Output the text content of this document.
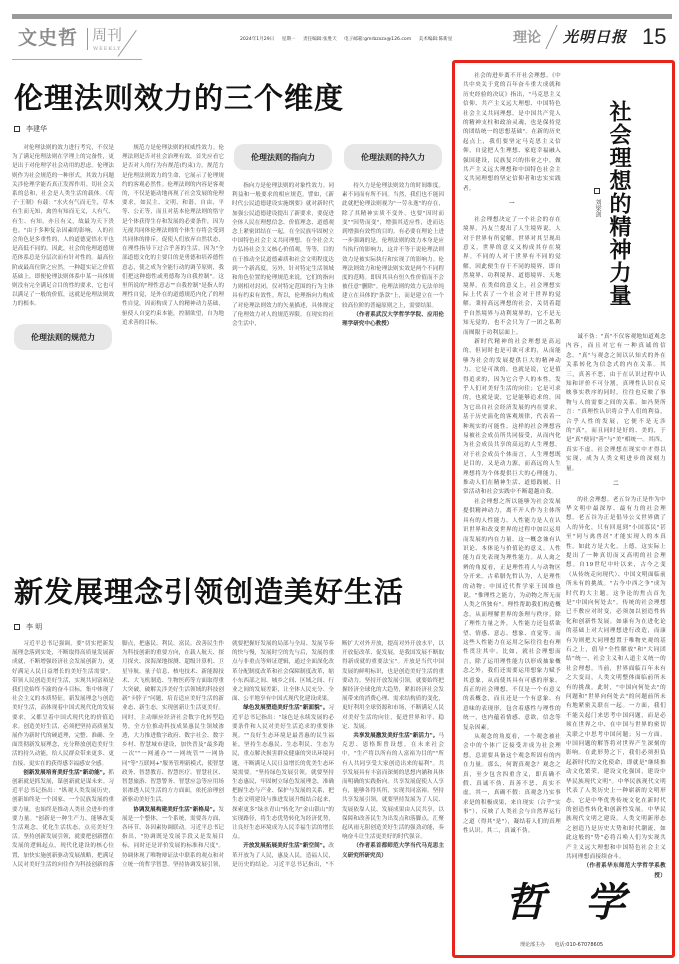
文史哲 周刊
WEEKLY
2024年1月29日 星期一 责任编辑:张胜天 电子邮箱:gmrbzxzx@126.com 美术编辑:陈新星	理论 光明日报 15
伦理法则效力的三个维度
李建华

对伦理法则的效力进行考究，不仅是为了满足伦理法则在学理上的完备性，更是出于对伦理学社会功用的思虑。伦理法则作为社会规范的一种形式，其效力问题关涉伦理学能否真正发挥作用。切社会关系的总和，社会是人类生活的载体。《荀子·王制》有载："水火有气而无生，草木有生而无知，禽兽有知而无义，人有气、有生、有知，亦且有义，故最为天下贵也。"由于多种复杂因素的影响，人的社会角色是多重性的，人的道德觉悟水平也是高低不同的。因此，社会的伦理道德规范体系总是分层次而有针对性的。最高位阶或最高位阶之应然，一种超实证之价值基础上。即便伦理法则体系中某一具体规则没有完全满足合目的性的要求，它也可以满足了一般的价值，这就是伦理法则效力的根本。

伦理法则的规范力

规范力是伦理法则的权威性效力。伦理法则是否对社会治理有效，首先应看它是否对人的行为有规范(约束)力。规范力是伦理法则效力的生命，它展示了伦理规约的客观必然性。伦理法则的内容是客观的，不仅是能动地再现了社会发展的伦理要求，如民主、文明、和谐、自由、平等、公正等，而且对基本伦理法则的恪守是个体获得生存和发展的必要条件，因为无视共同体伦理法则的个体生存将会受到共同体的排斥。促使人们放弃自然状态，在理性指导下过合乎善的生活。因为"全部道德文化的主要目的是勇德和培养德性意志，使之成为全能行动的调节原则，我们把这种德性或勇德称为自我控制"。这里所说的"理性意志""自我控制"是指人的理性自觉，是外在的道德规范内化了的理性自觉，因而构成了人的精神动力基础，驱使人自觉约束本能，控制欲望，自为地追求善的目标。

伦理法则的指向力

指向力是伦理法则的对象性效力。同利益和一般要求的相应规范。譬如，《新时代公民道德建设实施纲要》就对新时代加强公民道德建设提出了新要求，要促进全体人民在理想信念、价值理念、道德观念上紧密团结在一起，在全民族牢固树立中国特色社会主义共同理想。在全社会大力弘扬社会主义核心价值观，等等，目的在于推动全民道德素质和社会文明程度达到一个新高度。另外，针对特定生活领域和角色位置的伦理规范来说，它们的指向力则相对封闭，仅对特定范围的行为主体具有约束有效性。所以，伦理指向力构成了对伦理法则效力的矢量描述，具体规定了伦理效力对人的规范界限。在现实的社会生活中，

伦理法则的持久力

持久力是伦理法则效力的时间维度。素不同而有所不同。当然，我们也不能因此就把伦理法则视为"一劳永逸"的存在，除了其精神实质不变外，也要"因时而变""因势而变"，增强其适应性，进而达到增强有效性的目的。有必要在理论上进一步强调的是，伦理法则的效力本身是应当执行的影响力，这并不等于说伦理法则效力是被实际执行和实现了的影响力。伦理法则效力和伦理法则实效是两个不同程度的范畴。即因其具有恒久性价值而不会被任意"删除"。伦理法则的效力无法单纯建立在具体的"条款"上，而是建立在一个较高位阶的普遍原则之上，需要结果。

（作者系武汉大学哲学学院、应用伦理学研究中心教授）

新发展理念引领创造美好生活
李 明

习近平总书记强调，要"切实把新发展理念落到实处，不断取得高质量发展新成就，不断增强经济社会发展创新力，更好满足人民日益增长的美好生活需要"。带领人民创造美好生活，实现共同富裕是我们党始终不渝的奋斗目标，集中体现了社会主义的本质特征。新发展理念与创造美好生活，高体现着中国式现代化的发展要求，又都呈着中国式现代化的价值追求。创造美好生活，必须把坚持高质量发展作为新时代的硬道理，完整、准确、全面贯彻新发展理念，充分释放创造美好生活的持久动能，给人民群众带来更多、更直接、更实在的获得感幸福感安全感。

创新发展培育美好生活"新动能"。抓创新就是抓发展，谋创新就是谋未来。习近平总书记指出："纵观人类发展历史，创新始终是一个国家、一个民族发展的重要力量，也始终是推动人类社会进步的重要力量。"创新是一种生产力，能够改变生活观念，优化生活状态，点亮美好生活。坚持创新发展引领，就要把创新摆在发展的逻辑起点，现代化建设的核心位置，加快实施创新驱动发展战略，把满足人民对美好生活的向往作为科技创新的落脚点，把惠民、利民、富民、改善民生作为科技创新的重要方向，在载人航天、探月探火、深海深地探测、超级计算机、卫星导航、量子信息、核电技术、新能源技术、大飞机制造、生物医药等方面取得重大突破，破解关涉美好生活领域的科技创新"卡脖子"问题，培育适应美好生活的新业态、新生态，实现创新让生活更美好。同时，主动顺应经济社会数字化转型趋势，全方位推动科技成果惠民生领域渗透，大力推进数字政府、数字社会、数字乡村、智慧城市建设，加快普及"最多跑一次""一网通办""一网统管""一网协同"等"互联网+"服务管理新模式，使智慧政务、智慧教育、智慧医疗、智慧社区、智慧旅游、智慧警务、智慧应急等应用场景渗透人民生活的方方面面，依托治理创新驱动美好生活。

协调发展构建美好生活"新格局"。发展是一个整体，一个系统，需要各方面、各环节、各因素协调联动。习近平总书记指出，"协调既是发展手段又是发展目标，同时还是评价发展的标准和尺度"。协调体现了唯物辩证法中联系的观点和对立统一的哲学智慧。坚持协调发展引领，就要把握好发展的局部与全局、发展节奏的快与慢，发展时空的先与后，发展的重点与非重点等辩证逻辑，通过全面深化改革分配制度改革和社会保障制度改革，缩小东西部之间、城乡之间、区域之间、行业之间的发展差距，让全体人民充分、全面、公平地享有中国式现代化建设成果。

绿色发展塑造美好生活"新面貌"。习近平总书记指出："绿色是永续发展的必要条件和人民对美好生活追求的重要体现。""良好生态环境是最普惠的民生福祉，坚持生态惠民、生态利民、生态为民，重点解决损害群众健康的突出环境问题，不断满足人民日益增长的优美生态环境需要。"坚持绿色发展引领，就要坚持生态惠民，牢固树立绿色发展理念，准确把握生态与产业、保护与发展的关系，把生态文明建设与推进发展升级结合起来，探索更多"绿水青山"转化为"金山银山"的实现路径，将生态优势转化为经济优势，让良好生态环境成为人民幸福生活的增长点。

开放发展拓展美好生活"新空间"。改革开放为了人民，惠及人民，造福人民，是历史的结论。习近平总书记指出，"不断扩大对外开放，提高对外开放水平，以开放促改革、促发展，是我国发展不断取得新成就的重要法宝"。开放是当代中国发展的鲜明标识，也是创造美好生活的重要动力。坚持开放发展引领，就要始终把握经济全球化的大趋势，紧扣经济社会发展带来的消费心理、需求结构质的变化，更好利用全球资源和市场，不断满足人民对美好生活的向往，促进世界和平、稳定、发展。

共享发展激发美好生活"新活力"。马克思、恩格斯曾设想，在未来社会中，"生产将以所有的人富裕为目的""所有人共同享受大家创造出来的福利"。共享发展具有丰富而深刻的思想内涵和具体而明确的实践指向。共享发展促使人人享有，能够各得其所，实现共同富裕。坚持共享发展引领，就要坚持发展为了人民、发展依靠人民、发展成果由人民共享，以保障和改善民生为出发点和落脚点，汇聚起风雨无阻创造美好生活的强劲动能，奏响奋斗让生活更美好的时代强音。

（作者系首都师范大学当代马克思主义研究所研究员）

社会理想的精神力量
刘梁剑

社会的进步离不开社会理想。《中共中央关于党的百年奋斗重大成就和历史经验的决议》指出，"马克思主义信仰、共产主义远大理想、中国特色社会主义共同理想，是中国共产党人的精神支柱和政治灵魂，也是保持党的团结统一的思想基础"。在新的历史起点上，我们要坚定马克思主义信仰，自觉把人生理想、家庭幸福融入强国建设，民族复兴的伟业之中，做共产主义远大理想和中国特色社会主义共同理想的坚定信仰者和忠实实践者。

一

社会理想决定了一个社会的存在境界。冯友兰提出了人生境界说，人对于世界有所觉解，世界对其呈现出意义，世界的意义又构成其存在境界。不同的人对于世界有不同的觉解，因此便生存于不同的境界，即自然境界、功利境界、道德境界、天地境界。在类似的意义上，社会理想实际上代表了一个社会对于世界的觉解。秉持高远理想的社会，关切着超乎自然境界与功利境界的，它不是无知无觉的，也不会只为了一团之私利而囿限于功利层面上。

新时代精神的社会理想是高远的，但同时也是可欲可求的，从而能够为社会的发展提供巨大的精神动力。它是可欲的，也就是说，它是值得追求的，因为它合乎人的本性，发乎人们对美好生活的向往；它是可求的，也就是说，它是能够追求的，因为它出自社会经济发展的内在要求，基于历史演化的客观规律，代表着一种现实的可能性。这样的社会理想容易被社会成员所共同接受，从而内化为社会成员共享的高远的人生理想。对于社会成员个体而言，人生理想既是目的，又是动力源，而高远的人生理想将为个体提供巨大的心理能力，推动人们在精神生活、道德践履、日常活动和社会实践中不断超越自我。

社会理想之所以能够为社会发展提供精神动力，离不开人作为主体所具有的人性能力。人性能力是人在认识世界和改变世界的过程中加以运用而发展的内在力量。这一概念兼有认识论、本体论与价值论的意义。人性能力首先表现为理性能力。从人禽之辨的角度看，正是理性将人与动物区分开来。古希腊先哲认为，人是理性的动物；中国近代哲学家王国维也说，"惟理性之能力，为动物之所无而人类之所独有"。理性帮助我们构造概念，从而理解世界的条理与秩序。除了理性力量之外，人性能力还包括欲望、情感、意志、想象、直觉等，而这些人性能力在运用之际往往也有理性贯注其中。比如，就社会理想而言，除了运用理性能力以形成抽象概念之外，我们还需要运用想象力赋予其意象，从而使其具有可感的形象。真正的社会理想，不仅是一个有意义的表概念，而且还是一个有意象、有意味的表现形，包含着感性与理性的统一，也内蕴着情感、意欲，信念等复杂因素。

从观念的角度看，一个观念被社会中的个体广泛接受并成为社会理想，总需要具备这个观念所固有的内在力量。那么，何谓真观念？观念之真，至少包含四重含义，即真确不假、真诚不伪、真善不恶、真实不虚。其一，真确不假：真观念乃实事求是的积极成果，来自现实（合乎"实事"），反映了人类社会与自然界运行之道（得其"是"），凝结着人们的真理性认识。其二，真诚不伪。

诚不伪："真"不仅客观地知道观念内容，而且对它有一种真诚的信念。"真"与观念之间以认知式的外在关系转化为信念式的内在关系。其三，真善不恶，由于在认识过程中认知和评价不可分割，真理性认识在反映事实秩序的同时，往往也反映了事物与人的需要之间的关系。如冯契所言："真理性认识将合乎人们的利益，合乎人性的发展，它便不是无涉的"真"，而且同时是好的、美的，于是"真"便同"善"与"美"相统一。其四，真实不虚。社会理想在现实中才得以实现，成为人类文明进步的深刻力量。

二

的社会理想。老五谷为正是作为中华文明中最深厚、最有力的社会理想。老五谷为正是倡导公义世界做了人的异化，只有回返到"小国寡民"甚至"同与禽兽居"才能实现人的本真性。如此方是大化，上德，这实际上提出了一种真切而又高明的社会理想。自19世纪中叶以来，古今之变（从传统走向现代）、中国文明面临前所未有的挑战。"古今中西之争"成为时代的大主题。这争论的焦点首先是"中国向何处去"。传统的社会理想已不敷应对时变，必须加以创造性转化和创新性发展。如康有为在进化论的基础上对大同理想进行改造，而康有为则把大同理想置于唯物史观的基石之上，倡导"全性解放"和"大同团结"统一，社会主义和人道主义统一的社会理想。当前，世界面临百年未有之大变局，人类文明整体面临前所未有的挑战。此时，"中国向何处去"的问题和"世界向何处去"的问题前所未有地紧密关联在一起。一方面，我们不能关起门来思考中国问题，而是必须在世界之中、在中国与世界的密切关联之中思考中国问题；另一方面，中国问题的解答将对世界产生深刻的影响。在此形势之下，我们必须担负起新时代的文化使命，即就是"继续推动文化繁荣，建设文化强国，建设中华民族现代文明"。中华民族现代文明代表了人类历史上一种崭新的文明形态，它是中华优秀传统文化在新时代的创造性转化和创新性发展。中华民族现代文明之建设，人类文明新形态之创造乃是历史大势和时代潮流，如此这般的"势"必将召唤人们为实现共产主义远大理想和中国特色社会主义共同理想而接续奋斗。

（作者系华东师范大学哲学系教授）

哲学
理论部主办 电话:010-67078605
